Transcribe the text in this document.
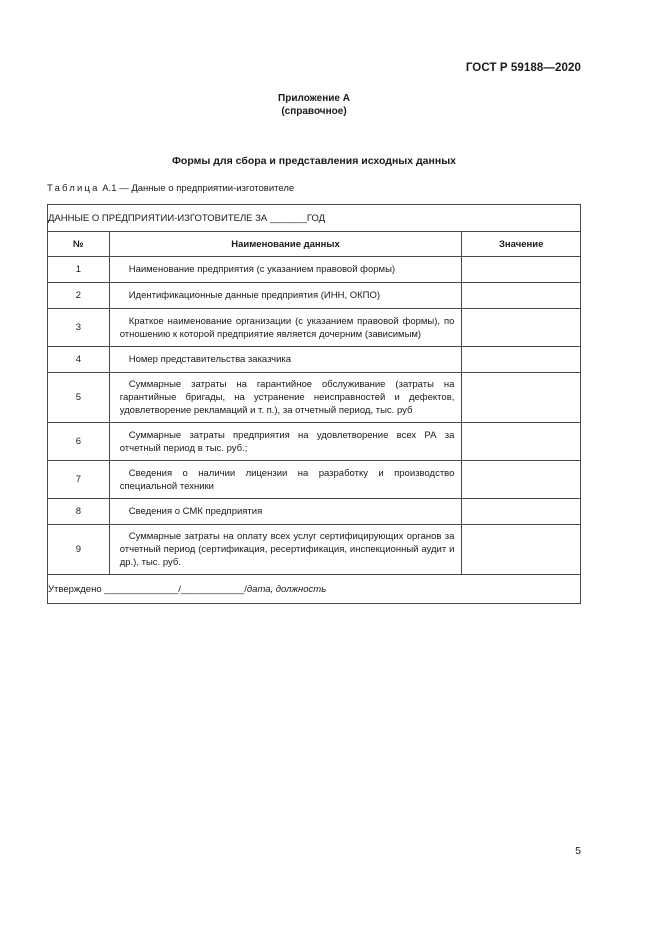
ГОСТ Р 59188—2020
Приложение А
(справочное)
Формы для сбора и представления исходных данных
Таблица А.1 — Данные о предприятии-изготовителе
ДАННЫЕ О ПРЕДПРИЯТИИ-ИЗГОТОВИТЕЛЕ ЗА _______ГОД		
№	Наименование данных	Значение
1	Наименование предприятия (с указанием правовой формы)	

2	Идентификационные данные предприятия (ИНН, ОКПО)	

3	Краткое наименование организации (с указанием правовой формы), по отношению к которой предприятие является дочерним (зависимым)	

4	Номер представительства заказчика	

5	Суммарные затраты на гарантийное обслуживание (затраты на гарантийные бригады, на устранение неисправностей и дефектов, удовлетворение рекламаций и т. п.), за отчетный период, тыс. руб	

6	Суммарные затраты предприятия на удовлетворение всех РА за отчетный период в тыс. руб.;	

7	Сведения о наличии лицензии на разработку и производство специальной техники	

8	Сведения о СМК предприятия	

9	Суммарные затраты на оплату всех услуг сертифицирующих органов за отчетный период (сертификация, ресертификация, инспекционный аудит и др.), тыс. руб.	

Утверждено ______________/____________/дата, должность		
5
